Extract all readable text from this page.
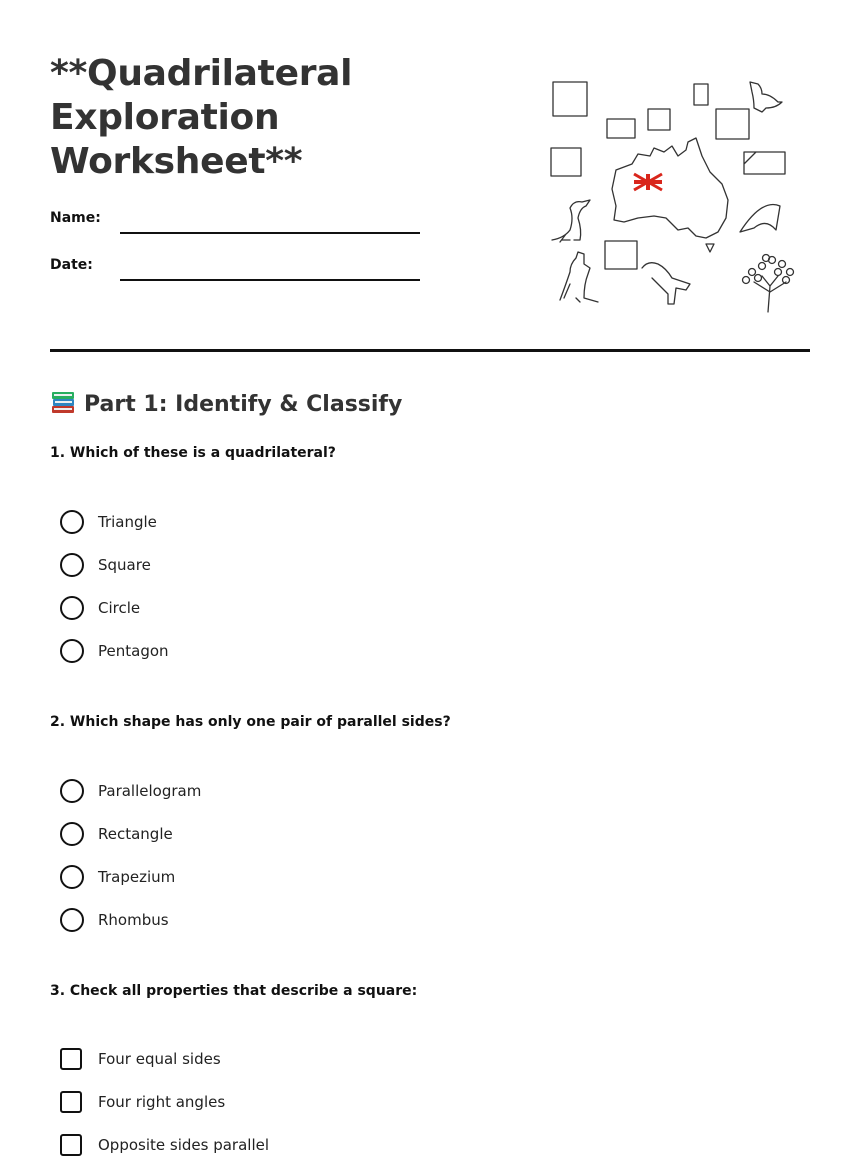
**Quadrilateral Exploration Worksheet**
Name:
Date:
Part 1: Identify & Classify

1. Which of these is a quadrilateral?

Triangle
Square
Circle
Pentagon

2. Which shape has only one pair of parallel sides?

Parallelogram
Rectangle
Trapezium
Rhombus

3. Check all properties that describe a square:

Four equal sides
Four right angles
Opposite sides parallel
